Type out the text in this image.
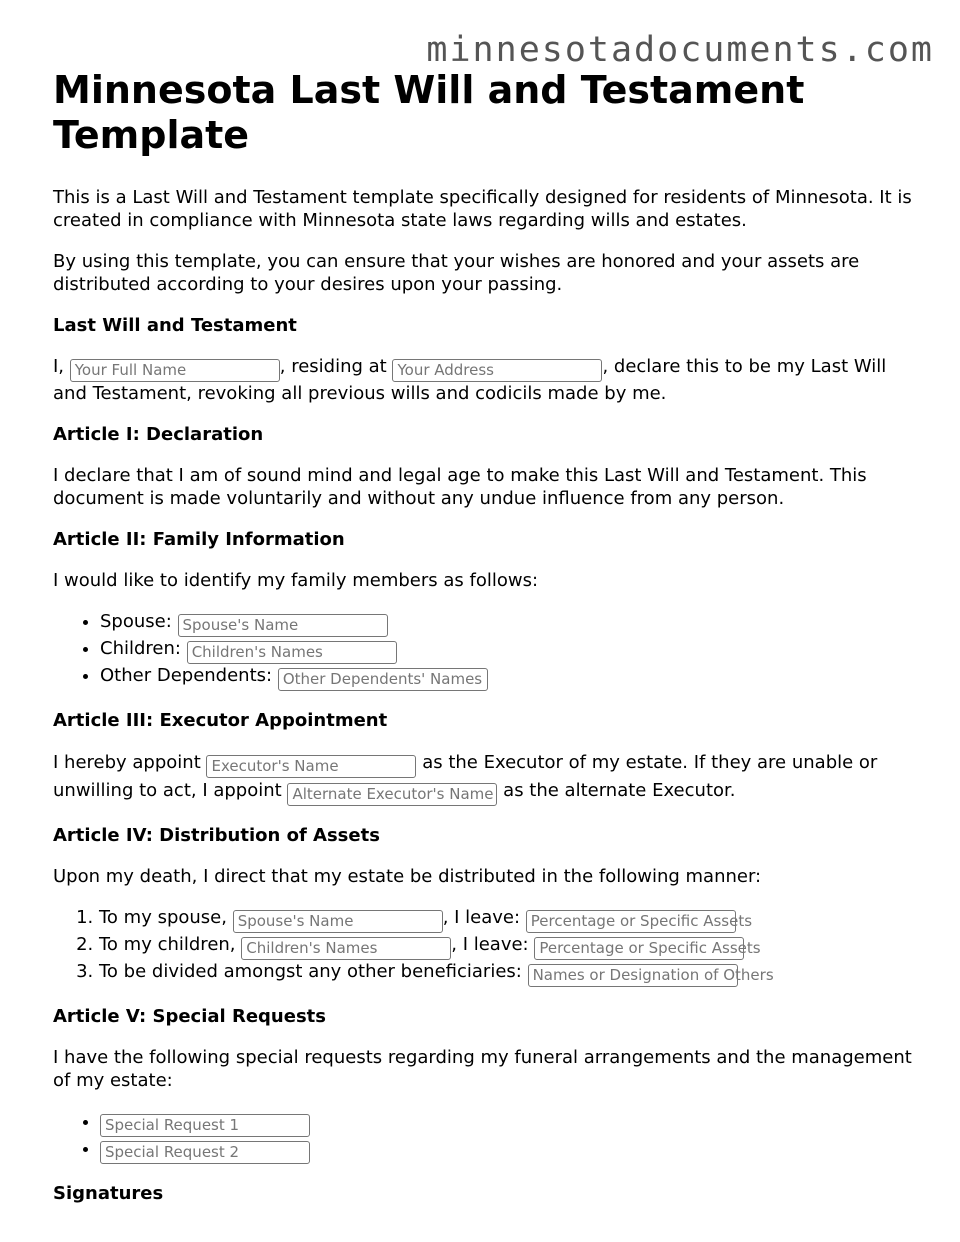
minnesotadocuments.com
Minnesota Last Will and Testament Template

This is a Last Will and Testament template specifically designed for residents of Minnesota. It is created in compliance with Minnesota state laws regarding wills and estates.

By using this template, you can ensure that your wishes are honored and your assets are distributed according to your desires upon your passing.

Last Will and Testament

I, Your Full Name	, residing at Your Address	, declare this to be my Last Will and Testament, revoking all previous wills and codicils made by me.

Article I: Declaration

I declare that I am of sound mind and legal age to make this Last Will and Testament. This document is made voluntarily and without any undue influence from any person.

Article II: Family Information

I would like to identify my family members as follows:

• Spouse: Spouse's Name
• Children: Children's Names
• Other Dependents: Other Dependents' Names
Article III: Executor Appointment

I hereby appoint Executor's Name	as the Executor of my estate. If they are unable or unwilling to act, I appoint Alternate Executor's Name as the alternate Executor.

Article IV: Distribution of Assets

Upon my death, I direct that my estate be distributed in the following manner:

1. To my spouse, Spouse's Name	, I leave: Percentage or Specific Assets
2. To my children, Children's Names	, I leave: Percentage or Specific Assets
3. To be divided amongst any other beneficiaries: Names or Designation of Others
Article V: Special Requests

I have the following special requests regarding my funeral arrangements and the management of my estate:

• Special Request 1
• Special Request 2
Signatures
